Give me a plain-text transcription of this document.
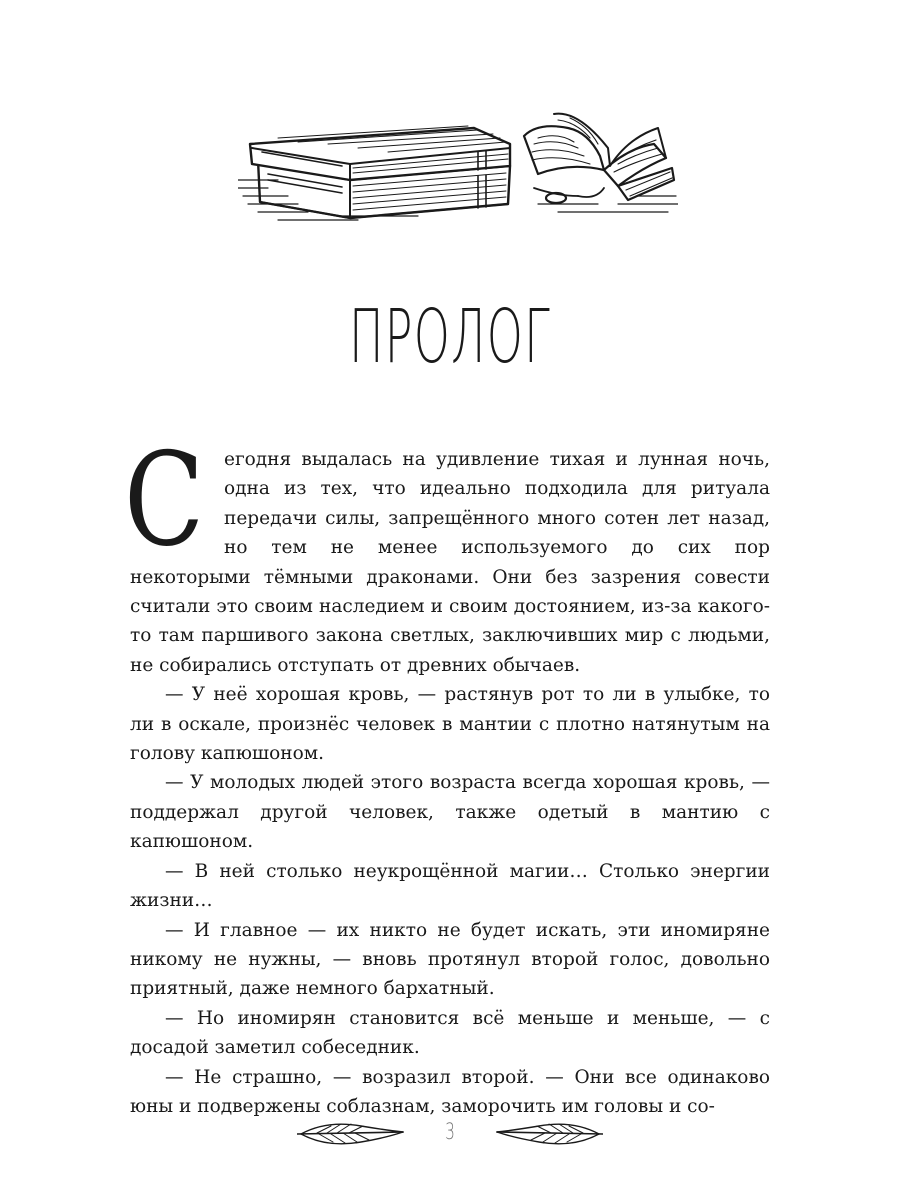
ПРОЛОГ

С егодня выдалась на удивление тихая и лунная ночь, одна из тех, что идеально подходила для ритуала передачи силы, запрещённого много сотен лет назад, но тем не менее используемого до сих пор некоторыми тёмными драконами. Они без зазрения совести считали это своим наследием и своим достоянием, из-за какого-то там паршивого закона светлых, заключивших мир с людьми, не собирались отступать от древних обычаев.

— У неё хорошая кровь, — растянув рот то ли в улыбке, то ли в оскале, произнёс человек в мантии с плотно натянутым на голову капюшоном.

— У молодых людей этого возраста всегда хорошая кровь, — поддержал другой человек, также одетый в мантию с капюшоном.

— В ней столько неукрощённой магии… Столько энергии жизни…

— И главное — их никто не будет искать, эти иномиряне никому не нужны, — вновь протянул второй голос, довольно приятный, даже немного бархатный.

— Но иномирян становится всё меньше и меньше, — с досадой заметил собеседник.

— Не страшно, — возразил второй. — Они все одинаково юны и подвержены соблазнам, заморочить им головы и со-

3
